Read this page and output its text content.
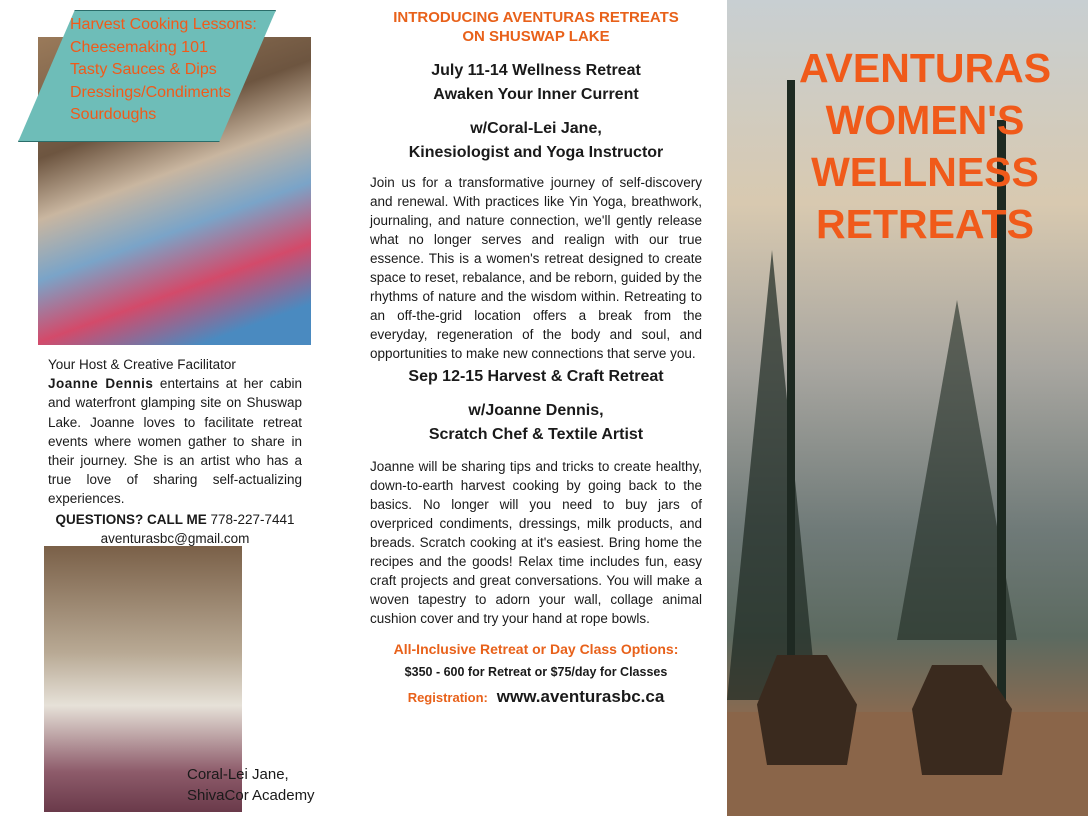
Harvest Cooking Lessons:
Cheesemaking 101
Tasty Sauces & Dips
Dressings/Condiments
Sourdoughs
Your Host & Creative Facilitator
Joanne Dennis entertains at her cabin and waterfront glamping site on Shuswap Lake. Joanne loves to facilitate retreat events where women gather to share in their journey. She is an artist who has a true love of sharing self-actualizing experiences.
QUESTIONS? CALL ME 778-227-7441
aventurasbc@gmail.com
Coral-Lei Jane,
ShivaCor Academy
INTRODUCING AVENTURAS RETREATS ON SHUSWAP LAKE
July 11-14 Wellness Retreat
Awaken Your Inner Current
w/Coral-Lei Jane,
Kinesiologist and Yoga Instructor

Join us for a transformative journey of self-discovery and renewal. With practices like Yin Yoga, breathwork, journaling, and nature connection, we'll gently release what no longer serves and realign with our true essence. This is a women's retreat designed to create space to reset, rebalance, and be reborn, guided by the rhythms of nature and the wisdom within. Retreating to an off-the-grid location offers a break from the everyday, regeneration of the body and soul, and opportunities to make new connections that serve you.

Sep 12-15 Harvest & Craft Retreat
w/Joanne Dennis,
Scratch Chef & Textile Artist

Joanne will be sharing tips and tricks to create healthy, down-to-earth harvest cooking by going back to the basics. No longer will you need to buy jars of overpriced condiments, dressings, milk products, and breads. Scratch cooking at it's easiest. Bring home the recipes and the goods! Relax time includes fun, easy craft projects and great conversations. You will make a woven tapestry to adorn your wall, collage animal cushion cover and try your hand at rope bowls.

All-Inclusive Retreat or Day Class Options:
$350 - 600 for Retreat or $75/day for Classes
Registration: www.aventurasbc.ca
AVENTURAS
WOMEN'S
WELLNESS
RETREATS
